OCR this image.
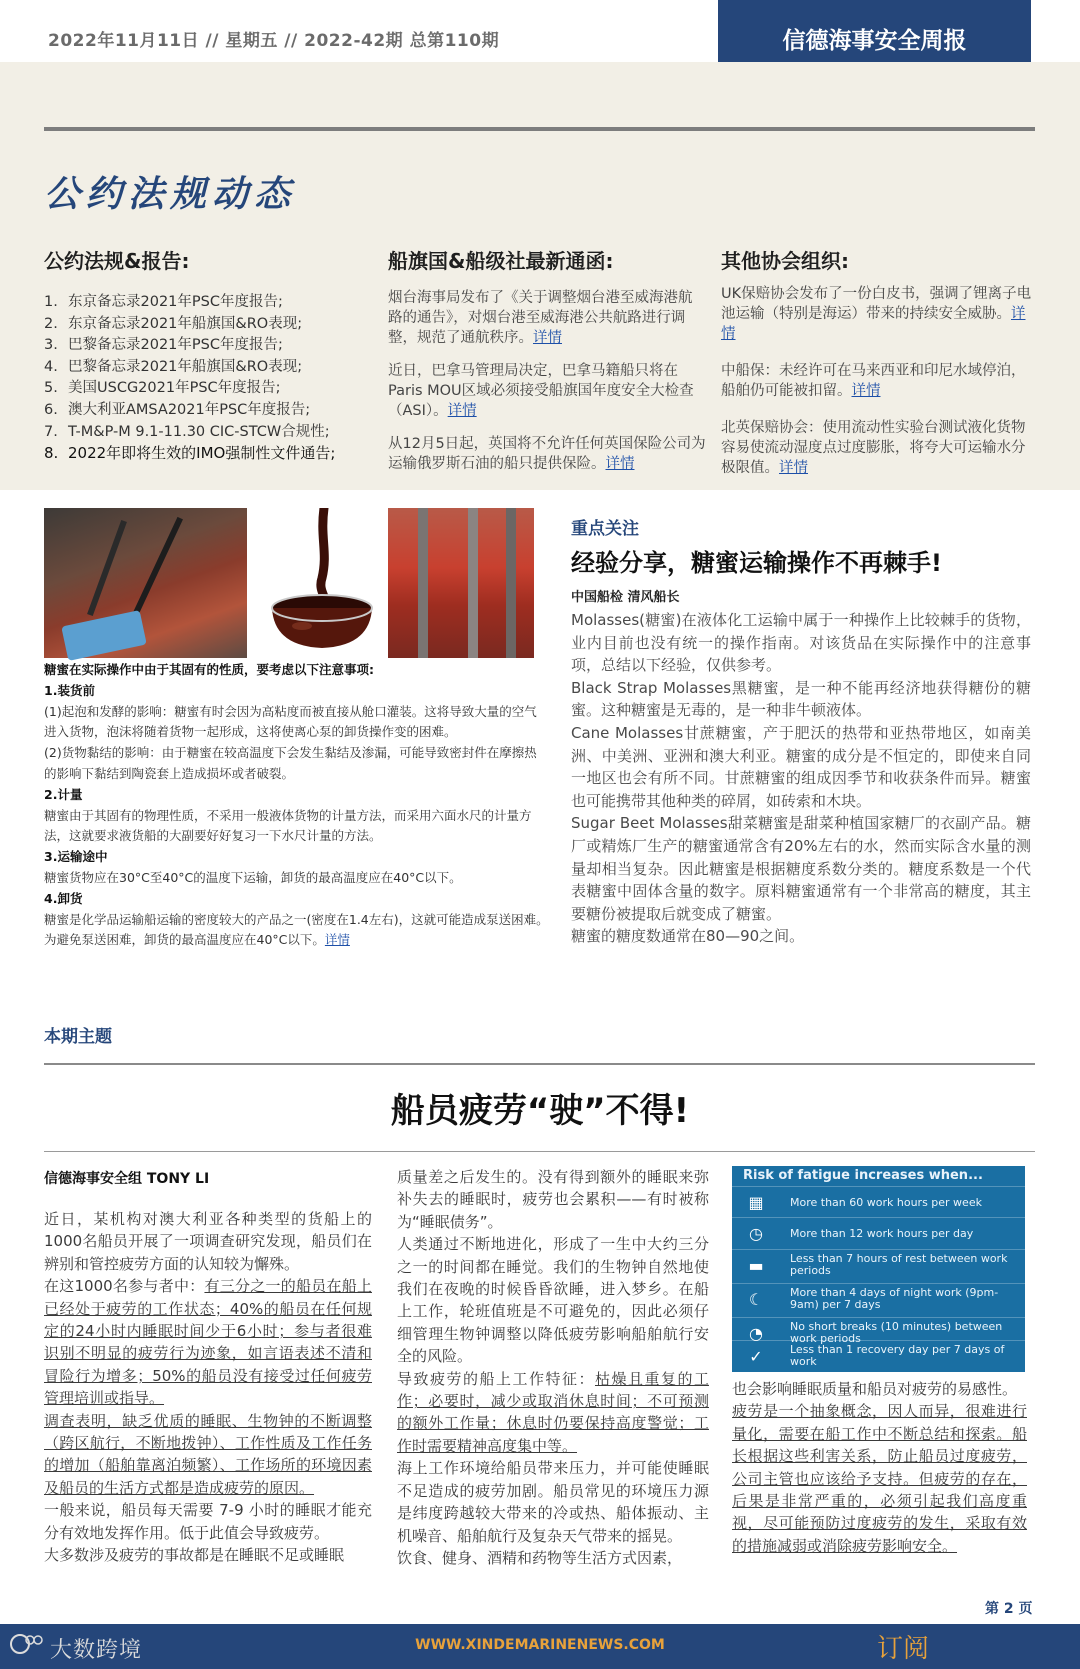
2022年11月11日 // 星期五 // 2022-42期 总第110期	信德海事安全周报
公约法规动态
公约法规&报告:	船旗国&船级社最新通函:	其他协会组织:
1. 东京备忘录2021年PSC年度报告;
2. 东京备忘录2021年船旗国&RO表现;
3. 巴黎备忘录2021年PSC年度报告;
4. 巴黎备忘录2021年船旗国&RO表现;
5. 美国USCG2021年PSC年度报告;
6. 澳大利亚AMSA2021年PSC年度报告;
7. T-M&P-M 9.1-11.30 CIC-STCW合规性;
8. 2022年即将生效的IMO强制性文件通告;
烟台海事局发布了《关于调整烟台港至威海港航路的通告》，对烟台港至威海港公共航路进行调整，规范了通航秩序。详情
近日，巴拿马管理局决定，巴拿马籍船只将在Paris MOU区域必须接受船旗国年度安全大检查（ASI）。详情
从12月5日起，英国将不允许任何英国保险公司为运输俄罗斯石油的船只提供保险。详情
UK保赔协会发布了一份白皮书，强调了锂离子电池运输（特别是海运）带来的持续安全威胁。详情
中船保：未经许可在马来西亚和印尼水域停泊，船舶仍可能被扣留。详情
北英保赔协会：使用流动性实验台测试液化货物容易使流动湿度点过度膨胀，将夸大可运输水分极限值。详情
糖蜜在实际操作中由于其固有的性质，要考虑以下注意事项:
1.装货前
(1)起泡和发酵的影响：糖蜜有时会因为高粘度而被直接从舱口灌装。这将导致大量的空气进入货物，泡沫将随着货物一起形成，这将使离心泵的卸货操作变的困难。
(2)货物黏结的影响：由于糖蜜在较高温度下会发生黏结及渗漏，可能导致密封件在摩擦热的影响下黏结到陶瓷套上造成损坏或者破裂。
2.计量
糖蜜由于其固有的物理性质，不采用一般液体货物的计量方法，而采用六面水尺的计量方法，这就要求液货船的大副要好好复习一下水尺计量的方法。
3.运输途中
糖蜜货物应在30°C至40°C的温度下运输，卸货的最高温度应在40°C以下。
4.卸货
糖蜜是化学品运输船运输的密度较大的产品之一(密度在1.4左右)，这就可能造成泵送困难。为避免泵送困难，卸货的最高温度应在40°C以下。详情
重点关注
经验分享，糖蜜运输操作不再棘手!
中国船检 清风船长
Molasses(糖蜜)在液体化工运输中属于一种操作上比较棘手的货物，业内目前也没有统一的操作指南。对该货品在实际操作中的注意事项，总结以下经验，仅供参考。
Black Strap Molasses黑糖蜜，是一种不能再经济地获得糖份的糖蜜。这种糖蜜是无毒的，是一种非牛顿液体。
Cane Molasses甘蔗糖蜜，产于肥沃的热带和亚热带地区，如南美洲、中美洲、亚洲和澳大利亚。糖蜜的成分是不恒定的，即使来自同一地区也会有所不同。甘蔗糖蜜的组成因季节和收获条件而异。糖蜜也可能携带其他种类的碎屑，如砖索和木块。
Sugar Beet Molasses甜菜糖蜜是甜菜种植国家糖厂的衣副产品。糖厂或精炼厂生产的糖蜜通常含有20%左右的水，然而实际含水量的测量却相当复杂。因此糖蜜是根据糖度系数分类的。糖度系数是一个代表糖蜜中固体含量的数字。原料糖蜜通常有一个非常高的糖度，其主要糖份被提取后就变成了糖蜜。
糖蜜的糖度数通常在80—90之间。
本期主题
船员疲劳“驶”不得!
信德海事安全组 TONY LI

近日，某机构对澳大利亚各种类型的货船上的1000名船员开展了一项调查研究发现，船员们在辨别和管控疲劳方面的认知较为懈殊。

在这1000名参与者中：有三分之一的船员在船上已经处于疲劳的工作状态；40%的船员在任何规定的24小时内睡眠时间少于6小时；参与者很难识别不明显的疲劳行为迹象，如言语表述不清和冒险行为增多；50%的船员没有接受过任何疲劳管理培训或指导。

调查表明，缺乏优质的睡眠、生物钟的不断调整（跨区航行，不断地拨钟）、工作性质及工作任务的增加（船舶靠离泊频繁）、工作场所的环境因素及船员的生活方式都是造成疲劳的原因。

一般来说，船员每天需要 7-9 小时的睡眠才能充分有效地发挥作用。低于此值会导致疲劳。

大多数涉及疲劳的事故都是在睡眠不足或睡眠

质量差之后发生的。没有得到额外的睡眠来弥补失去的睡眠时，疲劳也会累积——有时被称为“睡眠债务”。

人类通过不断地进化，形成了一生中大约三分之一的时间都在睡觉。我们的生物钟自然地使我们在夜晚的时候昏昏欲睡，进入梦乡。在船上工作，轮班值班是不可避免的，因此必须仔细管理生物钟调整以降低疲劳影响船舶航行安全的风险。

导致疲劳的船上工作特征：枯燥且重复的工作；必要时，减少或取消休息时间；不可预测的额外工作量；休息时仍要保持高度警觉；工作时需要精神高度集中等。

海上工作环境给船员带来压力，并可能使睡眠不足造成的疲劳加剧。船员常见的环境压力源是纬度跨越较大带来的冷或热、船体振动、主机噪音、船舶航行及复杂天气带来的摇晃。

饮食、健身、酒精和药物等生活方式因素，

Risk of fatigue increases when...
▦ More than 60 work hours per week
◷ More than 12 work hours per day
▬ Less than 7 hours of rest between work periods
☾ More than 4 days of night work (9pm-9am) per 7 days
◔ No short breaks (10 minutes) between work periods
✓ Less than 1 recovery day per 7 days of work

也会影响睡眠质量和船员对疲劳的易感性。

疲劳是一个抽象概念，因人而异，很难进行量化，需要在船工作中不断总结和探索。船长根据这些利害关系，防止船员过度疲劳，公司主管也应该给予支持。但疲劳的存在，后果是非常严重的，必须引起我们高度重视，尽可能预防过度疲劳的发生，采取有效的措施减弱或消除疲劳影响安全。

第 2 页
WWW.XINDEMARINENEWS.COM	订阅
大数跨境
